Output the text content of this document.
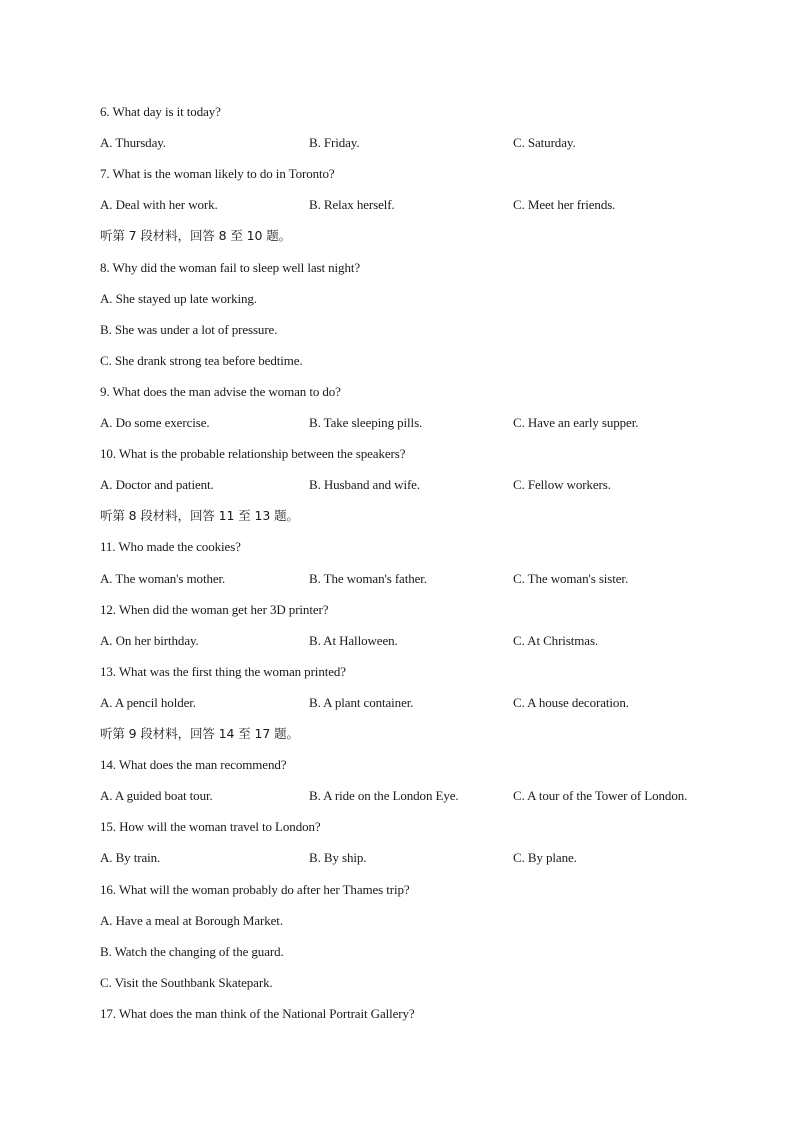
6. What day is it today?
A. Thursday.	B. Friday.	C. Saturday.
7. What is the woman likely to do in Toronto?
A. Deal with her work.	B. Relax herself.	C. Meet her friends.
听第 7 段材料，回答 8 至 10 题。
8. Why did the woman fail to sleep well last night?
A. She stayed up late working.
B. She was under a lot of pressure.
C. She drank strong tea before bedtime.
9. What does the man advise the woman to do?
A. Do some exercise.	B. Take sleeping pills.	C. Have an early supper.
10. What is the probable relationship between the speakers?
A. Doctor and patient.	B. Husband and wife.	C. Fellow workers.
听第 8 段材料，回答 11 至 13 题。
11. Who made the cookies?
A. The woman's mother.	B. The woman's father.	C. The woman's sister.
12. When did the woman get her 3D printer?
A. On her birthday.	B. At Halloween.	C. At Christmas.
13. What was the first thing the woman printed?
A. A pencil holder.	B. A plant container.	C. A house decoration.
听第 9 段材料，回答 14 至 17 题。
14. What does the man recommend?
A. A guided boat tour.	B. A ride on the London Eye.	C. A tour of the Tower of London.
15. How will the woman travel to London?
A. By train.	B. By ship.	C. By plane.
16. What will the woman probably do after her Thames trip?
A. Have a meal at Borough Market.
B. Watch the changing of the guard.
C. Visit the Southbank Skatepark.
17. What does the man think of the National Portrait Gallery?
